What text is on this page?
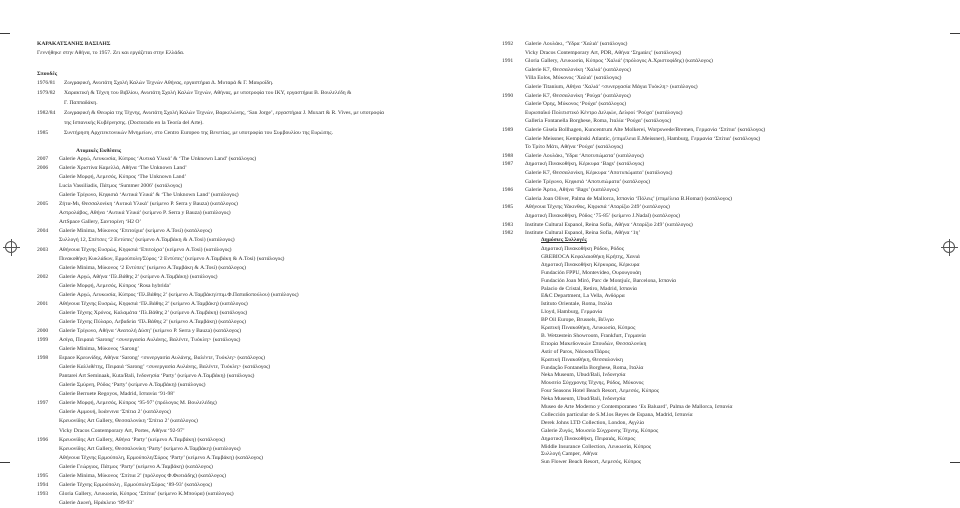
ΚΑΡΑΚΑΤΣΑΝΗΣ ΒΑΣΙΛΗΣ
Γεννήθηκε στην Αθήνα, το 1957. Ζει και εργάζεται στην Ελλάδα.
Σπουδές
1976/81 Ζωγραφική, Ανωτάτη Σχολή Καλών Τεχνών Αθήνας, εργαστήρια Δ. Μυταρά & Γ. Μαυροΐδη.
1979/82 Χαρακτική & Τέχνη του Βιβλίου, Ανωτάτη Σχολή Καλών Τεχνών, Αθήνας, με υποτροφία του ΙΚΥ, εργαστήρια Β. Βουλελέδη &
Γ. Παππαδάκη.
1982/84 Ζωγραφική & Θεωρία της Τέχνης, Ανωτάτη Σχολή Καλών Τεχνών, Βαρκελώνης, ‘San Jorge’, εργαστήρια J. Muxart & R. Vives, με υποτροφία
της Ισπανικής Κυβέρνησης. (Doctorado en la Teoría del Arte).
1985	Συντήρηση Αρχιτεκτονικών Μνημείων, στο Centro Europeo της Βενετίας, με υποτροφία του Συμβουλίου της Ευρώπης.
Ατομικές Εκθέσεις
2007 Galerie Αργώ, Λευκωσία, Κύπρος ‘Αυτικά Υλικά’ & ‘The Unknown Land’ (κατάλογος)
2006 Galerie Χριστίνα Καρελλά, Αθήνα ‘The Unknown Land’
Galerie Μορφή, Λεμεσός, Κύπρος ‘The Unknown Land’
Lucia Vassiliadis, Πάτμος ‘Summer 2006’ (κατάλογος)
Galerie Τρίγωνο, Κηφισιά ‘Αυτικά Υλικά’ & ‘The Unknown Land’ (κατάλογος)
2005 Ζήτα-Μι, Θεσσαλονίκη ‘Αυτικά Υλικά’ (κείμενο P. Serra y Bauza) (κατάλογος)
Αστρολάβος, Αθήνα ‘Αυτικά Υλικά’ (κείμενο P. Serra y Bauza) (κατάλογος)
ArtSpace Gallery, Σαντορίνη ‘H2 O’
2004 Galerie Minima, Μύκονος ‘Επιτοίχια’ (κείμενο A.Tosi) (κατάλογος)
Συλλογή 12, Σπέτσες ‘2 Εντύπες’ (κείμενο Α.Ταμβάκη & A.Tosi) (κατάλογος)
2003 Αθήνουα Τέχνης Ευσρώς, Κηφισιά ‘Επιτοίχια’ (κείμενο A.Tosi) (κατάλογος)
Πινακοθήκη Κυκλάδων, Ερμούπολη/Σύρος ‘2 Εντύπες’ (κείμενο Α.Ταμβάκη & A.Tosi) (κατάλογος)
Galerie Minima, Μύκονος ‘2 Εντύπες’ (κείμενο Α.Ταμβάκη & A.Tosi) (κατάλογος)
2002 Galerie Αργώ, Αθήνα ‘Πλ.Βάθης 2’ (κείμενο Α.Ταμβάκη) (κατάλογος)
Galerie Μορφή, Λεμεσός, Κύπρος ‘Rosa hybrida’
Galerie Αργώ, Λευκωσία, Κύπρος ‘Πλ.Βάθης 2’ (κείμενο Α.Ταμβάκη/επιμ.Φ.Παπαδοπούλου) (κατάλογος)
2001 Αθήνουα Τέχνης Ευσρώς, Κηφισιά ‘Πλ.Βάθης 2’ (κείμενο Α.Ταμβάκη) (κατάλογος)
Galerie Τέχνης Χρόνος, Καλαμάτα ‘Πλ.Βάθης 2’ (κείμενο Α.Ταμβάκη) (κατάλογος)
Galerie Τέχνης Πύλαρο, Λεβαδεία ‘Πλ.Βάθης 2’ (κείμενο Α.Ταμβάκη) (κατάλογος)
2000 Galerie Τρίγωνο, Αθήνα ‘Ανατολή Δύση’ (κείμενο P. Serra y Bauza) (κατάλογος)
1999 Ασίγα, Πειραιά ‘Sarong’ <συνεργασία Αυλάνης, Βαλέντε, Τυόκλη> (κατάλογος)
Galerie Minima, Μύκονος ‘Sarong’
1998 Espace Κρεωνίδης, Αθήνα ‘Sarong’ <συνεργασία Αυλάνης, Βαλέντε, Τυόκλη> (κατάλογος)
Galerie Καλλιθέτης, Πειραιά ‘Sarong’ <συνεργασία Αυλάνης, Βαλέντε, Τυόκλη> (κατάλογος)
Pantarei Art Seminaak, Kuta/Bali, Ινδονησία ‘Party’ (κείμενο Α.Ταμβάκη) (κατάλογος)
Galerie Σμύρνη, Ρόδος ‘Party’ (κείμενο Α.Ταμβάκη) (κατάλογος)
Galerie Berruete Regoyos, Madrid, Ισπανία ‘91-98’
1997 Galerie Μορφή, Λεμεσός, Κύπρος ‘95-97’ (πρόλογος Μ. Βουλελέδης)
Galerie Αμμουή, Ιωάννινα ‘Σπίτια 2’ (κατάλογος)
Κρευονίδης Art Gallery, Θεσσαλονίκη ‘Σπίτια 2’ (κατάλογος)
Vicky Dracos Contemporary Art, Portes, Αθήνα ‘92-97’
1996 Κρευονίδης Art Gallery, Αθήνα ‘Party’ (κείμενο Α.Ταμβάκη) (κατάλογος)
Κρευονίδης Art Gallery, Θεσσαλονίκη ‘Party’ (κείμενο Α.Ταμβάκη) (κατάλογος)
Αθήνουα Τέχνης Ερμούπολη, Ερμούπολη/Σύρος ‘Party’ (κείμενο Α.Ταμβάκη) (κατάλογος)
Galerie Γεώργιος, Πάτμος ‘Party’ (κείμενο Α.Ταμβάκη) (κατάλογος)
1995 Galerie Minima, Μύκονος ‘Σπίτια 2’ (πρόλογος Φ.Φωτιάδης) (κατάλογος)
1994 Galerie Τέχνης Ερμούπολη , Ερμούπολη/Σύρος ‘89-93’ (κατάλογος)
1993 Gloria Gallery, Λευκωσία, Κύπρος ‘Σπίτια’ (κείμενο Κ.Μπούρα) (κατάλογος)
Galerie Διωνή, Ηράκλειο ‘89-93’
1992 Galerie Λουλάκι, ‘Ύδρα ‘Χαλιά’ (κατάλογος)
Vicky Dracos Contemporary Art, PDR, Αθήνα ‘Σημαίες’ (κατάλογος)
1991 Gloria Gallery, Λευκωσία, Κύπρος ‘Χαλιά’ (πρόλογος Α.Χριστοφίδης) (κατάλογος)
Galerie K7, Θεσσαλονίκη ‘Χαλιά’ (κατάλογος)
Villa Eolos, Μύκονος ‘Χαλιά’ (κατάλογος)
Galerie Titanium, Αθήνα ‘Χαλιά’ <συνεργασία Μάγια Τυόκλη> (κατάλογος)
1990 Galerie K7, Θεσσαλονίκη ‘Ρούχα’ (κατάλογος)
Galerie Όρης, Μύκονος ‘Ρούχα’ (κατάλογος)
Ευρωπαϊκό Πολιτιστικό Κέντρο Δελφών, Δελφοί ‘Ρούχα’ (κατάλογος)
Galleria Fontanella Borghese, Roma, Ιταλία ‘Ρούχα’ (κατάλογος)
1989 Galerie Gisela Bollhagen, Kuncentrum Alte Molkerei, Worpswede/Bremen, Γερμανία ‘Σπίτια’ (κατάλογος)
Galerie Meissner, Kempinski Atlantic, (επιμέλεια E.Meissner), Hamburg, Γερμανία ‘Σπίτια’ (κατάλογος)
Το Τρίτο Μάτι, Αθήνα ‘Ρούχα’ (κατάλογος)
1988 Galerie Λουλάκι, Ύδρα ‘Αποτυπώματα’ (κατάλογος)
1987 Δημοτική Πινακοθήκη, Κέρκυρα ‘Bags’ (κατάλογος)
Galerie K7, Θεσσαλονίκη, Κέρκυρα ‘Αποτυπώματα’ (κατάλογος)
Galerie Τρίγωνο, Κηφισιά ‘Αποτυπώματα’ (κατάλογος)
1986 Galerie Άρτιο, Αθήνα ‘Bags’ (κατάλογος)
Galeria Joan Oliver, Palma de Mallorca, Ισπανία ‘Πόλεις’ (επιμέλεια B.Homar) (κατάλογος)
1985 Αθήνουα Τέχνης Υάκινθος, Κηφισιά ‘Αταρίζιο 249’ (κατάλογος)
Δημοτική Πινακοθήκη, Ρόδος ‘75-85’ (κείμενο J.Nadal) (κατάλογος)
1983 Institute Cultural Espanol, Reina Sofia, Αθήνα ‘Αταρίζιο 249’ (κατάλογος)
1982 Institute Cultural Espanol, Reina Sofia, Αθήνα ‘1η’
Δημόσιες Συλλογές
Δημοτική Πινακοθήκη Ρόδου, Ρόδος
GREBIOCA Κεφαλαιοθήκη Κρήτης, Χανιά
Δημοτική Πινακοθήκη Κέρκυρας, Κέρκυρα
Fundación FPPU, Montevideo, Ουρουγουάη
Fundación Joan Miró, Parc de Montjuïc, Barcelona, Ισπανία
Palacio de Cristal, Retiro, Madrid, Ισπανία
E&C Department, La Vella, Ανδόρρα
Istituto Orientale, Roma, Ιταλία
Lloyd, Hamburg, Γερμανία
BP Oil Europe, Brussels, Βέλγιο
Κρατική Πινακοθήκη, Λευκωσία, Κύπρος
B. Wetzestein Showroom, Frankfurt, Γερμανία
Ετιορία Μακεδονικών Σπουδών, Θεσσαλονίκη
Astir of Paros, Νάουσα/Πάρος
Κρατική Πινακοθήκη, Θεσσαλονίκη
Fundação Fontanella Borghese, Roma, Ιταλία
Neka Museum, Ubud/Bali, Ινδονησία
Μουσείο Σύγχρονης Τέχνης, Ρόδος, Μύκονος
Four Seasons Hotel Beach Resort, Λεμεσός, Κύπρος
Neka Museum, Ubud/Bali, Ινδονησία
Museo de Arte Moderno y Contemporaneo ‘Es Baluard’, Palma de Mallorca, Ισπανία
Collección particular de S.M.los Reyes de Espana, Madrid, Ισπανία
Derek Johns LTD Collection, London, Αγγλία
Galerie Ζυγός, Μουσείο Σύγχρονης Τέχνης, Κύπρος
Δημοτική Πινακοθήκη, Πειραιάς, Κύπρος
Middle Insurance Collection, Λευκωσία, Κύπρος
Συλλογή Camper, Αθήνα
Sun Flower Beach Resort, Λεμεσός, Κύπρος
